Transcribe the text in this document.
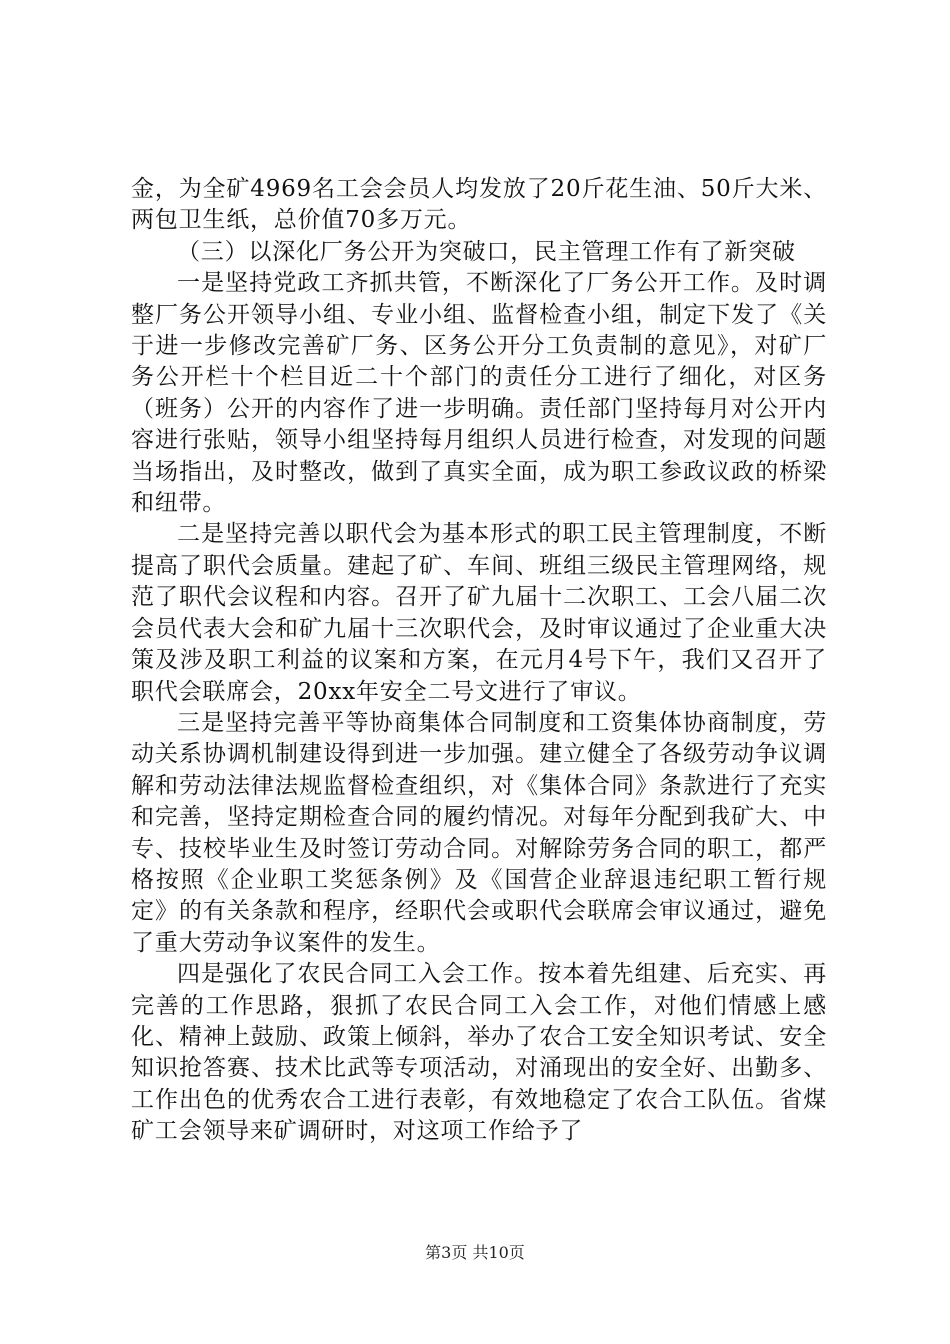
金，为全矿4969名工会会员人均发放了20斤花生油、50斤大米、两包卫生纸，总价值70多万元。

（三）以深化厂务公开为突破口，民主管理工作有了新突破

一是坚持党政工齐抓共管，不断深化了厂务公开工作。及时调整厂务公开领导小组、专业小组、监督检查小组，制定下发了《关于进一步修改完善矿厂务、区务公开分工负责制的意见》，对矿厂务公开栏十个栏目近二十个部门的责任分工进行了细化，对区务（班务）公开的内容作了进一步明确。责任部门坚持每月对公开内容进行张贴，领导小组坚持每月组织人员进行检查，对发现的问题当场指出，及时整改，做到了真实全面，成为职工参政议政的桥梁和纽带。

二是坚持完善以职代会为基本形式的职工民主管理制度，不断提高了职代会质量。建起了矿、车间、班组三级民主管理网络，规范了职代会议程和内容。召开了矿九届十二次职工、工会八届二次会员代表大会和矿九届十三次职代会，及时审议通过了企业重大决策及涉及职工利益的议案和方案，在元月4号下午，我们又召开了职代会联席会，20xx年安全二号文进行了审议。

三是坚持完善平等协商集体合同制度和工资集体协商制度，劳动关系协调机制建设得到进一步加强。建立健全了各级劳动争议调解和劳动法律法规监督检查组织，对《集体合同》条款进行了充实和完善，坚持定期检查合同的履约情况。对每年分配到我矿大、中专、技校毕业生及时签订劳动合同。对解除劳务合同的职工，都严格按照《企业职工奖惩条例》及《国营企业辞退违纪职工暂行规定》的有关条款和程序，经职代会或职代会联席会审议通过，避免了重大劳动争议案件的发生。

四是强化了农民合同工入会工作。按本着先组建、后充实、再完善的工作思路，狠抓了农民合同工入会工作，对他们情感上感化、精神上鼓励、政策上倾斜，举办了农合工安全知识考试、安全知识抢答赛、技术比武等专项活动，对涌现出的安全好、出勤多、工作出色的优秀农合工进行表彰，有效地稳定了农合工队伍。省煤矿工会领导来矿调研时，对这项工作给予了

第3页 共10页
